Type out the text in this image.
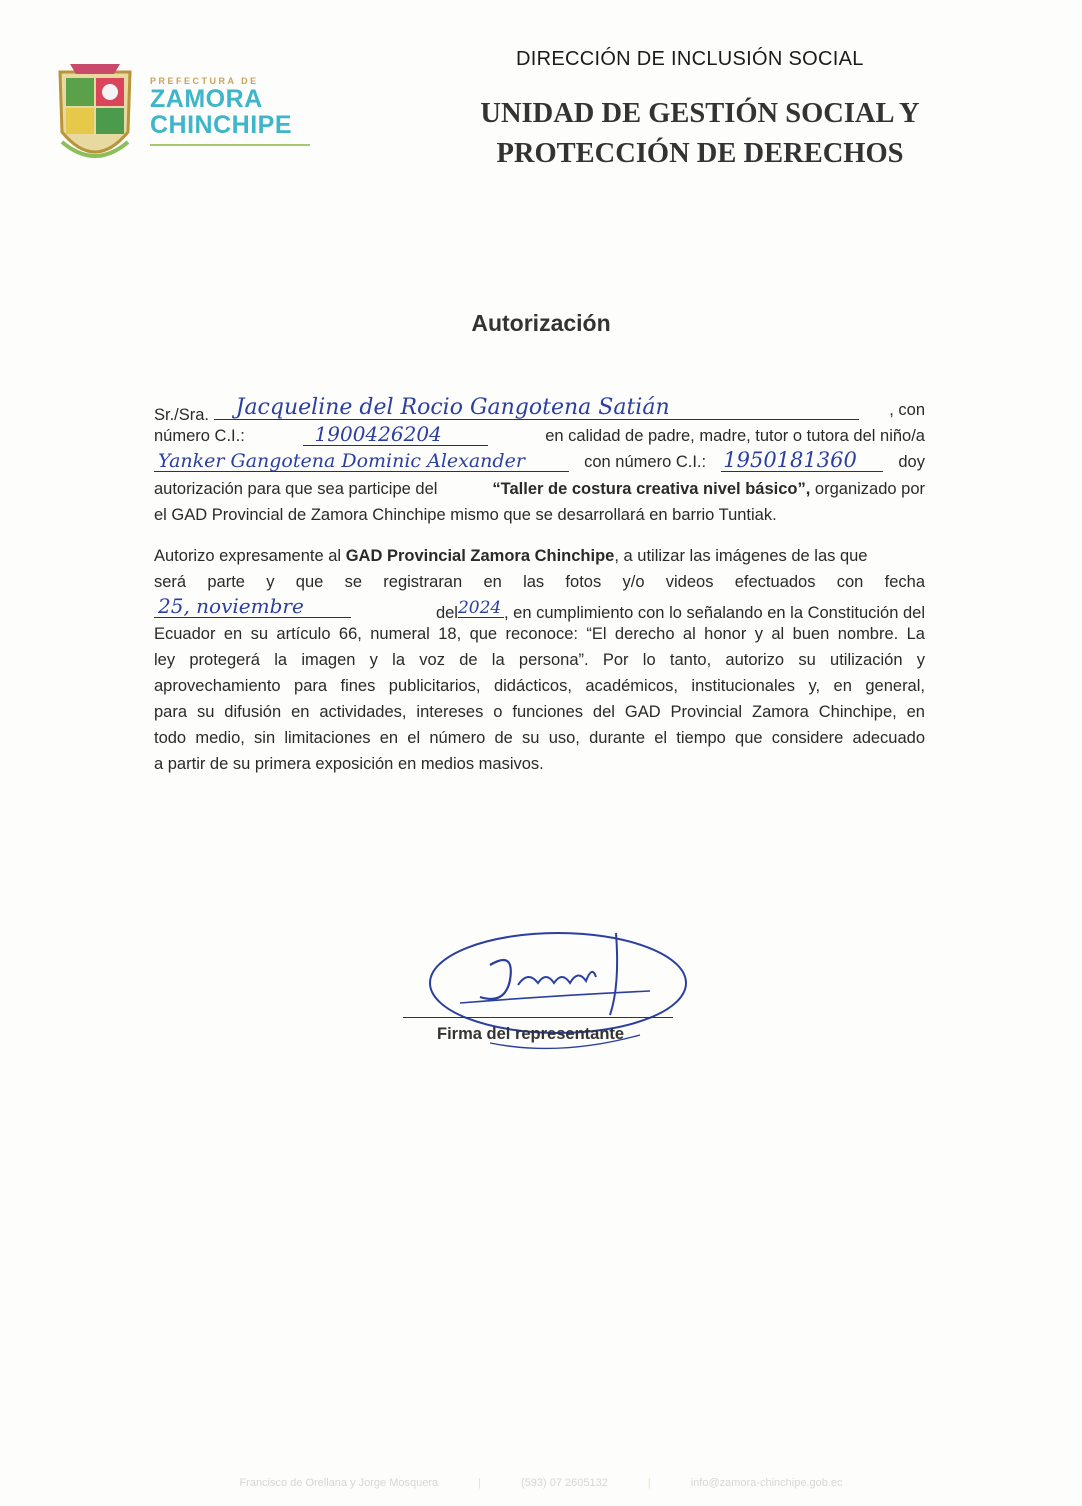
PREFECTURA DE
ZAMORA
CHINCHIPE
DIRECCIÓN DE INCLUSIÓN SOCIAL
UNIDAD DE GESTIÓN SOCIAL Y
PROTECCIÓN DE DERECHOS
Autorización
Sr./Sra. Jacqueline del Rocio Gangotena Satián	, con
número C.I.:	1900426204	en calidad de padre, madre, tutor o tutora del niño/a
Yanker Gangotena Dominic Alexander	con número C.I.: 1950181360	doy
autorización para que sea participe del	“Taller de costura creativa nivel básico”, organizado por
el GAD Provincial de Zamora Chinchipe mismo que se desarrollará en barrio Tuntiak.
Autorizo expresamente al GAD Provincial Zamora Chinchipe, a utilizar las imágenes de las que
será parte y que se registraran en las fotos y/o videos efectuados con fecha
25, noviembre	del 2024 , en cumplimiento con lo señalando en la Constitución del
Ecuador en su artículo 66, numeral 18, que reconoce: “El derecho al honor y al buen nombre. La
ley protegerá la imagen y la voz de la persona”. Por lo tanto, autorizo su utilización y
aprovechamiento para fines publicitarios, didácticos, académicos, institucionales y, en general,
para su difusión en actividades, intereses o funciones del GAD Provincial Zamora Chinchipe, en
todo medio, sin limitaciones en el número de su uso, durante el tiempo que considere adecuado
a partir de su primera exposición en medios masivos.
Firma del representante
Francisco de Orellana y Jorge Mosquera	|	(593) 07 2605132	|	info@zamora-chinchipe.gob.ec
